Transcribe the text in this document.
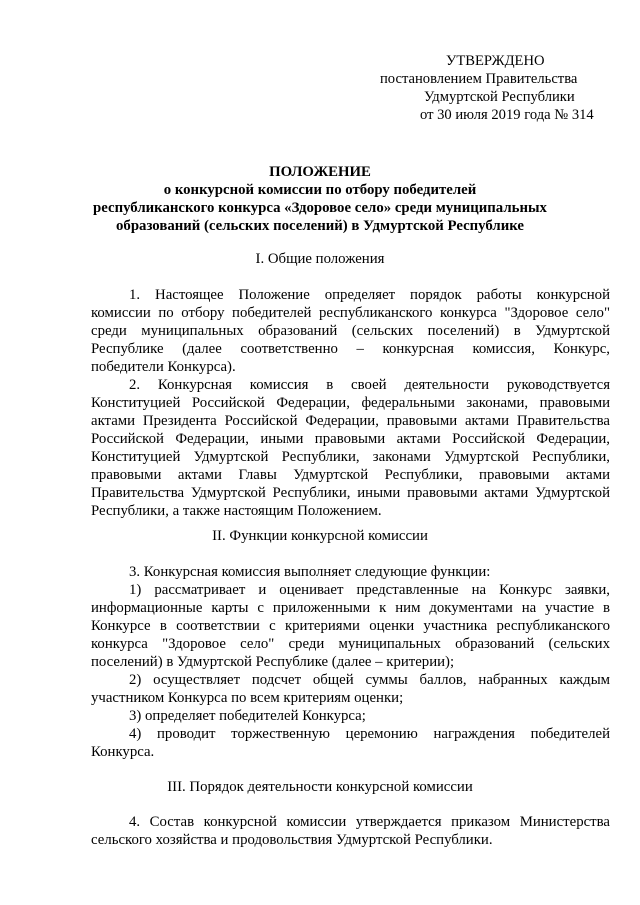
УТВЕРЖДЕНО
постановлением Правительства
Удмуртской Республики
от 30 июля 2019 года № 314
ПОЛОЖЕНИЕ
о конкурсной комиссии по отбору победителей
республиканского конкурса «Здоровое село» среди муниципальных
образований (сельских поселений) в Удмуртской Республике
I. Общие положения
1. Настоящее Положение определяет порядок работы конкурсной
комиссии по отбору победителей республиканского конкурса "Здоровое село"
среди муниципальных образований (сельских поселений) в Удмуртской
Республике (далее соответственно – конкурсная комиссия, Конкурс,
победители Конкурса).
2. Конкурсная комиссия в своей деятельности руководствуется
Конституцией Российской Федерации, федеральными законами, правовыми
актами Президента Российской Федерации, правовыми актами Правительства
Российской Федерации, иными правовыми актами Российской Федерации,
Конституцией Удмуртской Республики, законами Удмуртской Республики,
правовыми актами Главы Удмуртской Республики, правовыми актами
Правительства Удмуртской Республики, иными правовыми актами Удмуртской
Республики, а также настоящим Положением.
II. Функции конкурсной комиссии
3. Конкурсная комиссия выполняет следующие функции:
1) рассматривает и оценивает представленные на Конкурс заявки,
информационные карты с приложенными к ним документами на участие в
Конкурсе в соответствии с критериями оценки участника республиканского
конкурса "Здоровое село" среди муниципальных образований (сельских
поселений) в Удмуртской Республике (далее – критерии);
2) осуществляет подсчет общей суммы баллов, набранных каждым
участником Конкурса по всем критериям оценки;
3) определяет победителей Конкурса;
4) проводит торжественную церемонию награждения победителей
Конкурса.
III. Порядок деятельности конкурсной комиссии
4. Состав конкурсной комиссии утверждается приказом Министерства
сельского хозяйства и продовольствия Удмуртской Республики.
